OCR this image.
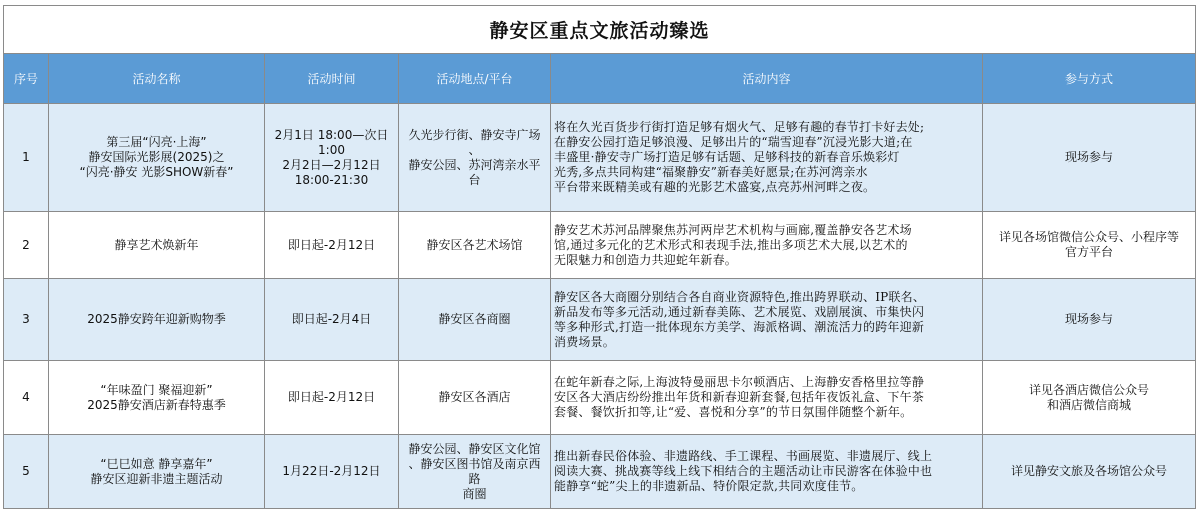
静安区重点文旅活动臻选					
序号	活动名称	活动时间	活动地点/平台	活动内容	参与方式
1	第三届“闪亮·上海”
静安国际光影展(2025)之
“闪亮·静安 光影SHOW新春”	2月1日 18:00—次日
1:00
2月2日—2月12日
18:00-21:30	久光步行街、静安寺广场
、
静安公园、苏河湾亲水平
台	将在久光百货步行街打造足够有烟火气、足够有趣的春节打卡好去处;
在静安公园打造足够浪漫、足够出片的“瑞雪迎春”沉浸光影大道;在
丰盛里·静安寺广场打造足够有话题、足够科技的新春音乐焕彩灯
光秀,多点共同构建“福聚静安”新春美好愿景;在苏河湾亲水
平台带来既精美或有趣的光影艺术盛宴,点亮苏州河畔之夜。	现场参与

2	静享艺术焕新年	即日起-2月12日	静安区各艺术场馆	静安艺术苏河品牌聚焦苏河两岸艺术机构与画廊,覆盖静安各艺术场
馆,通过多元化的艺术形式和表现手法,推出多项艺术大展,以艺术的
无限魅力和创造力共迎蛇年新春。	详见各场馆微信公众号、小程序等
官方平台

3	2025静安跨年迎新购物季	即日起-2月4日	静安区各商圈	静安区各大商圈分别结合各自商业资源特色,推出跨界联动、IP联名、
新品发布等多元活动,通过新春美陈、艺术展览、戏剧展演、市集快闪
等多种形式,打造一批体现东方美学、海派格调、潮流活力的跨年迎新
消费场景。	现场参与

4	“年味盈门 聚福迎新”
2025静安酒店新春特惠季	即日起-2月12日	静安区各酒店	在蛇年新春之际,上海波特曼丽思卡尔顿酒店、上海静安香格里拉等静
安区各大酒店纷纷推出年货和新春迎新套餐,包括年夜饭礼盒、下午茶
套餐、餐饮折扣等,让“爱、喜悦和分享”的节日氛围伴随整个新年。	详见各酒店微信公众号
和酒店微信商城

5	“巳巳如意 静享嘉年”
静安区迎新非遗主题活动	1月22日-2月12日	静安公园、静安区文化馆
、静安区图书馆及南京西
路
商圈	推出新春民俗体验、非遗路线、手工课程、书画展览、非遗展厅、线上
阅读大赛、挑战赛等线上线下相结合的主题活动让市民游客在体验中也
能静享“蛇”尖上的非遗新品、特价限定款,共同欢度佳节。	详见静安文旅及各场馆公众号
